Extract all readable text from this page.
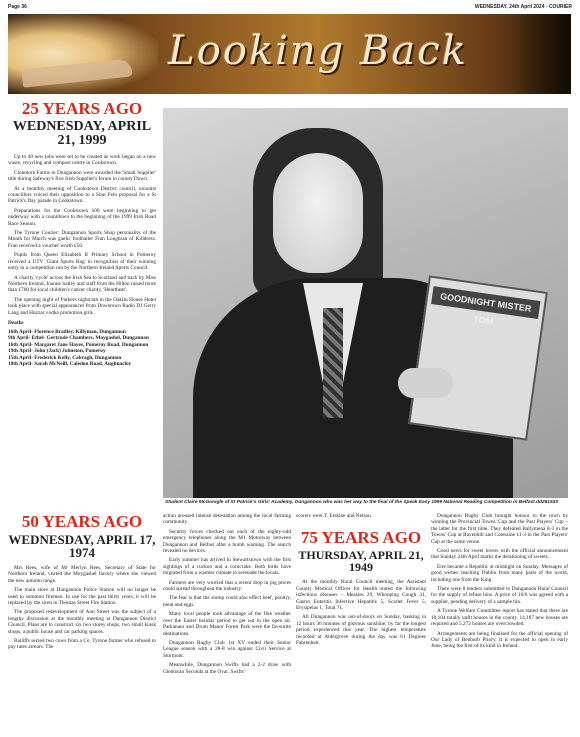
Page 36	WEDNESDAY, 24th April 2024 - COURIER
Looking Back
25 YEARS AGO
WEDNESDAY, APRIL 21, 1999

Up to 40 new jobs were set to be created as work began on a new waste, recycling and compost centre in Cookstown.

Clonmore Farms in Dungannon were awarded the 'Small Supplier' title during Safeway's first Irish Supplier's forum in county Down.

At a monthly meeting of Cookstown District council, unionist councillors voiced their opposition to a Sinn Fein proposal for a St Patrick's Day parade in Cookstown.

Preparations for the Cookstown 100 were beginning to get underway with a countdown to the beginning of the 1999 Irish Road Race Season.

The Tyrone Courier: Dungannon Sports Shop personality of the Month for March was gaelic footballer Fran Loughran of Killdress. Fran received a voucher worth £50.

Pupils from Queen Elizabeth II Primary School in Pomeroy received a UTV 'Giant Sports Bag' in recognition of their winning entry in a competition run by the Northern Ireland Sports Council.

A charity 'cycle' across the Irish Sea to Scotland and back by Miss Northern Ireland, Joanne Salley and staff from the Hilton raised more than £700 for local children's cancer charity, 'Heartbeat'.

The opening night of Parkers nightclub in the Oaklin House Hotel took place with special appearances from Downtown Radio DJ Gerry Lang and Huzzar vodka promotion girls.

Deaths

16th April- Florence Bradley, Killyman, Dungannon

9th April- Ethel- Gertrude Chambers, Moygashel, Dungannon

16th April- Margaret Jane Hayes, Pomeroy Road, Dungannon

19th April- John (Jack) Johnston, Pomeroy

15th April- Frederick Kelly, Cabragh, Dungannon

18th April- Sarah McNeill, Caledon Road, Aughnacloy

GOODNIGHT MISTER TOM
Student Claire McGonigle of St Patrick's Girls' Academy, Dungannon who was her way to the final of the Speak Easy 1999 National Reading Competition in Belfast.dd261533
50 YEARS AGO
WEDNESDAY, APRIL 17, 1974

Mrs Rees, wife of Mr Merlyn Rees, Secretary of State for Northern Ireland, visited the Moygashel factory where she viewed the new autumn range.

The main store at Dungannon Police Station will no longer be used to summon firemen. In use for the past thirty years, it will be replaced by the siren in Thomas Street Fire Station.

The proposed redevelopment of Ann Street was the subject of a lengthy discussion at the monthly meeting at Dungannon District Council. Plans are to construct six two storey shops, two small kiosk shops, a public house and car parking spaces.

Bailiffs seized two cows from a Co. Tyrone farmer who refused to pay rates arrears. The

action aroused intense detestation among the local farming community.

Security forces checked out each of the eighty-odd emergency telephones along the M1 Motorway between Dungannon and Belfast after a bomb warning. The search revealed no devices.

Early summer has arrived in Stewartstown with the first sightings of a cuckoo and a corncrake. Both birds have migrated from a warmer climate to serenade the locals.

Farmers are very worried that a recent drop in pig prices could spread throughout the industry.

The fear is that the slump could also effect beef, poultry, meat and eggs.

Many local people took advantage of the fine weather over the Easter holiday period to get out in the open air. Parkanaur and Drum Manor Forest Park were the favourite destinations.

Dungannon Rugby Club 1st XV ended their Senior League season with a 28-8 win against Civil Service at Stormont.

Meanwhile, Dungannon Swifts had a 2-2 draw with Glentoran Seconds at the Oval. Swifts'

scorers were T. Erskine and Nelson.

75 YEARS AGO
THURSDAY, APRIL 21, 1949

At the monthly Rural Council meeting, the Assistant County Medical Officer for Health stated the following infectious diseases – Measles 29, Whooping Cough 31, Gastro Enteritis Infective Hepatitis 5, Scarlet Fever 5, Erysipelas 1, Total 71.

All Dungannon was out-of-doors on Sunday, basking in 12 hours 36 minutes of glorious sunshine; by far the longest period experienced this year. The highest temperature recorded at Aldergrove during the day was 61 Degrees Fahrenheit.

Dungannon Rugby Club brought honour to the town by winning the Provincial Towns' Cup and the Past Players' Cup – the latter for the first time. They defeated Ballymena 8-3 in the Towns' Cup at Ravenhill and Coleraine 11-3 in the Past Players' Cup at the same venue.

Good news for sweet lovers with the official announcement that Sunday 24th April marks the derationing of sweets.

Eire became a Republic at midnight on Sunday. Messages of good wishes reaching Dublin from many parts of the world, including one from the King.

There were 8 tenders submitted to Dungannon Rural Council for the supply of refuse bins. A price of 16/6 was agreed with a supplier, pending delivery of a sample bin.

A Tyrone Welfare Committee report has stated that there are 10,104 totally unfit houses in the county. 14,187 new houses are required and 5,272 houses are overcrowded.

Arrangements are being finalised for the official opening of Our Lady of Benburb Priory. It is expected to open in early June, being the first of its kind in Ireland.
